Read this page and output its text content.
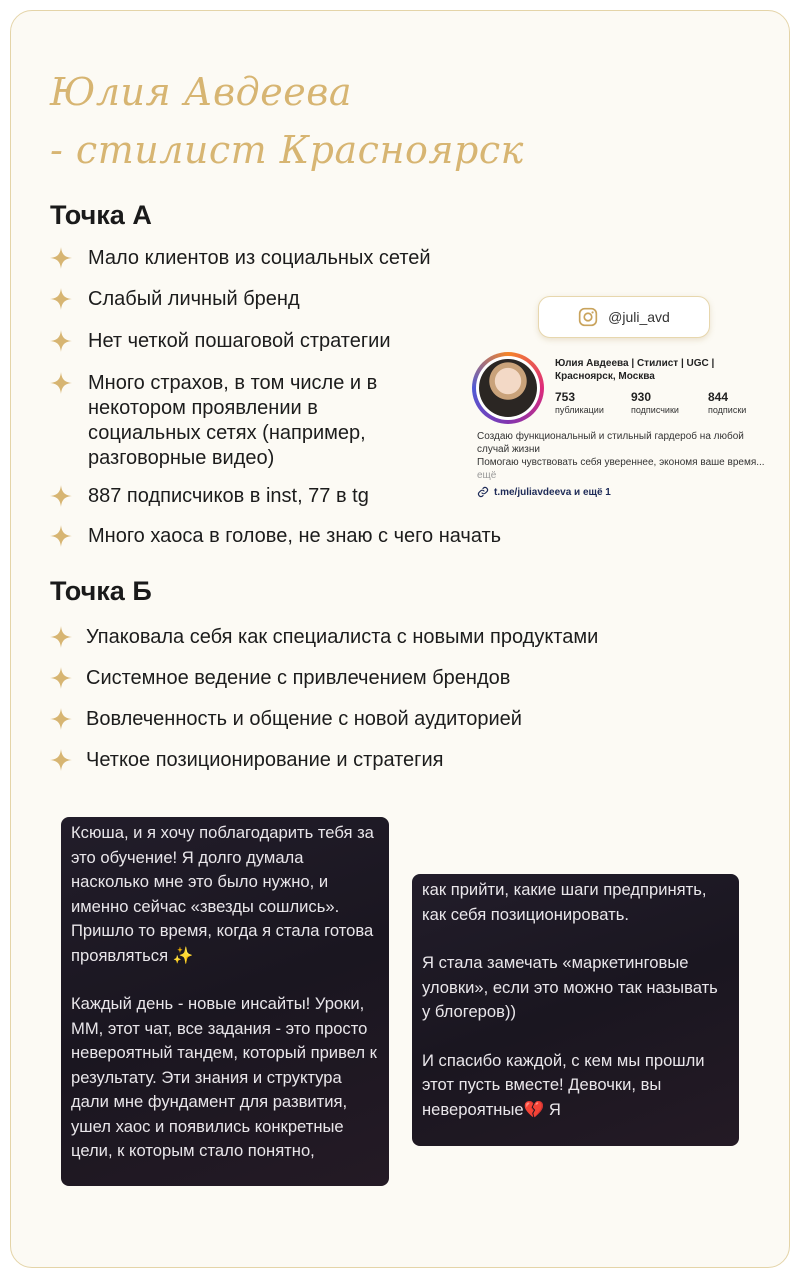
Юлия Авдеева
- стилист Красноярск
Точка А
Мало клиентов из социальных сетей
Слабый личный бренд
Нет четкой пошаговой стратегии
Много страхов, в том числе и в некотором проявлении в социальных сетях (например, разговорные видео)
887 подписчиков в inst, 77 в tg
Много хаоса в голове, не знаю с чего начать
@juli_avd
Юлия Авдеева | Стилист | UGC | Красноярск, Москва
753
публикации
930
подписчики
844
подписки
Создаю функциональный и стильный гардероб на любой случай жизни
Помогаю чувствовать себя увереннее, экономя ваше время... ещё
t.me/juliavdeeva и ещё 1
Точка Б
Упаковала себя как специалиста с новыми продуктами
Системное ведение с привлечением брендов
Вовлеченность и общение с новой аудиторией
Четкое позиционирование и стратегия

Ксюша, и я хочу поблагодарить тебя за это обучение! Я долго думала насколько мне это было нужно, и именно сейчас «звезды сошлись». Пришло то время, когда я стала готова проявляться ✨

Каждый день - новые инсайты! Уроки, ММ, этот чат, все задания - это просто невероятный тандем, который привел к результату. Эти знания и структура дали мне фундамент для развития, ушел хаос и появились конкретные цели, к которым стало понятно,

как прийти, какие шаги предпринять, как себя позиционировать.

Я стала замечать «маркетинговые уловки», если это можно так называть у блогеров))

И спасибо каждой, с кем мы прошли этот пусть вместе! Девочки, вы невероятные💔 Я
